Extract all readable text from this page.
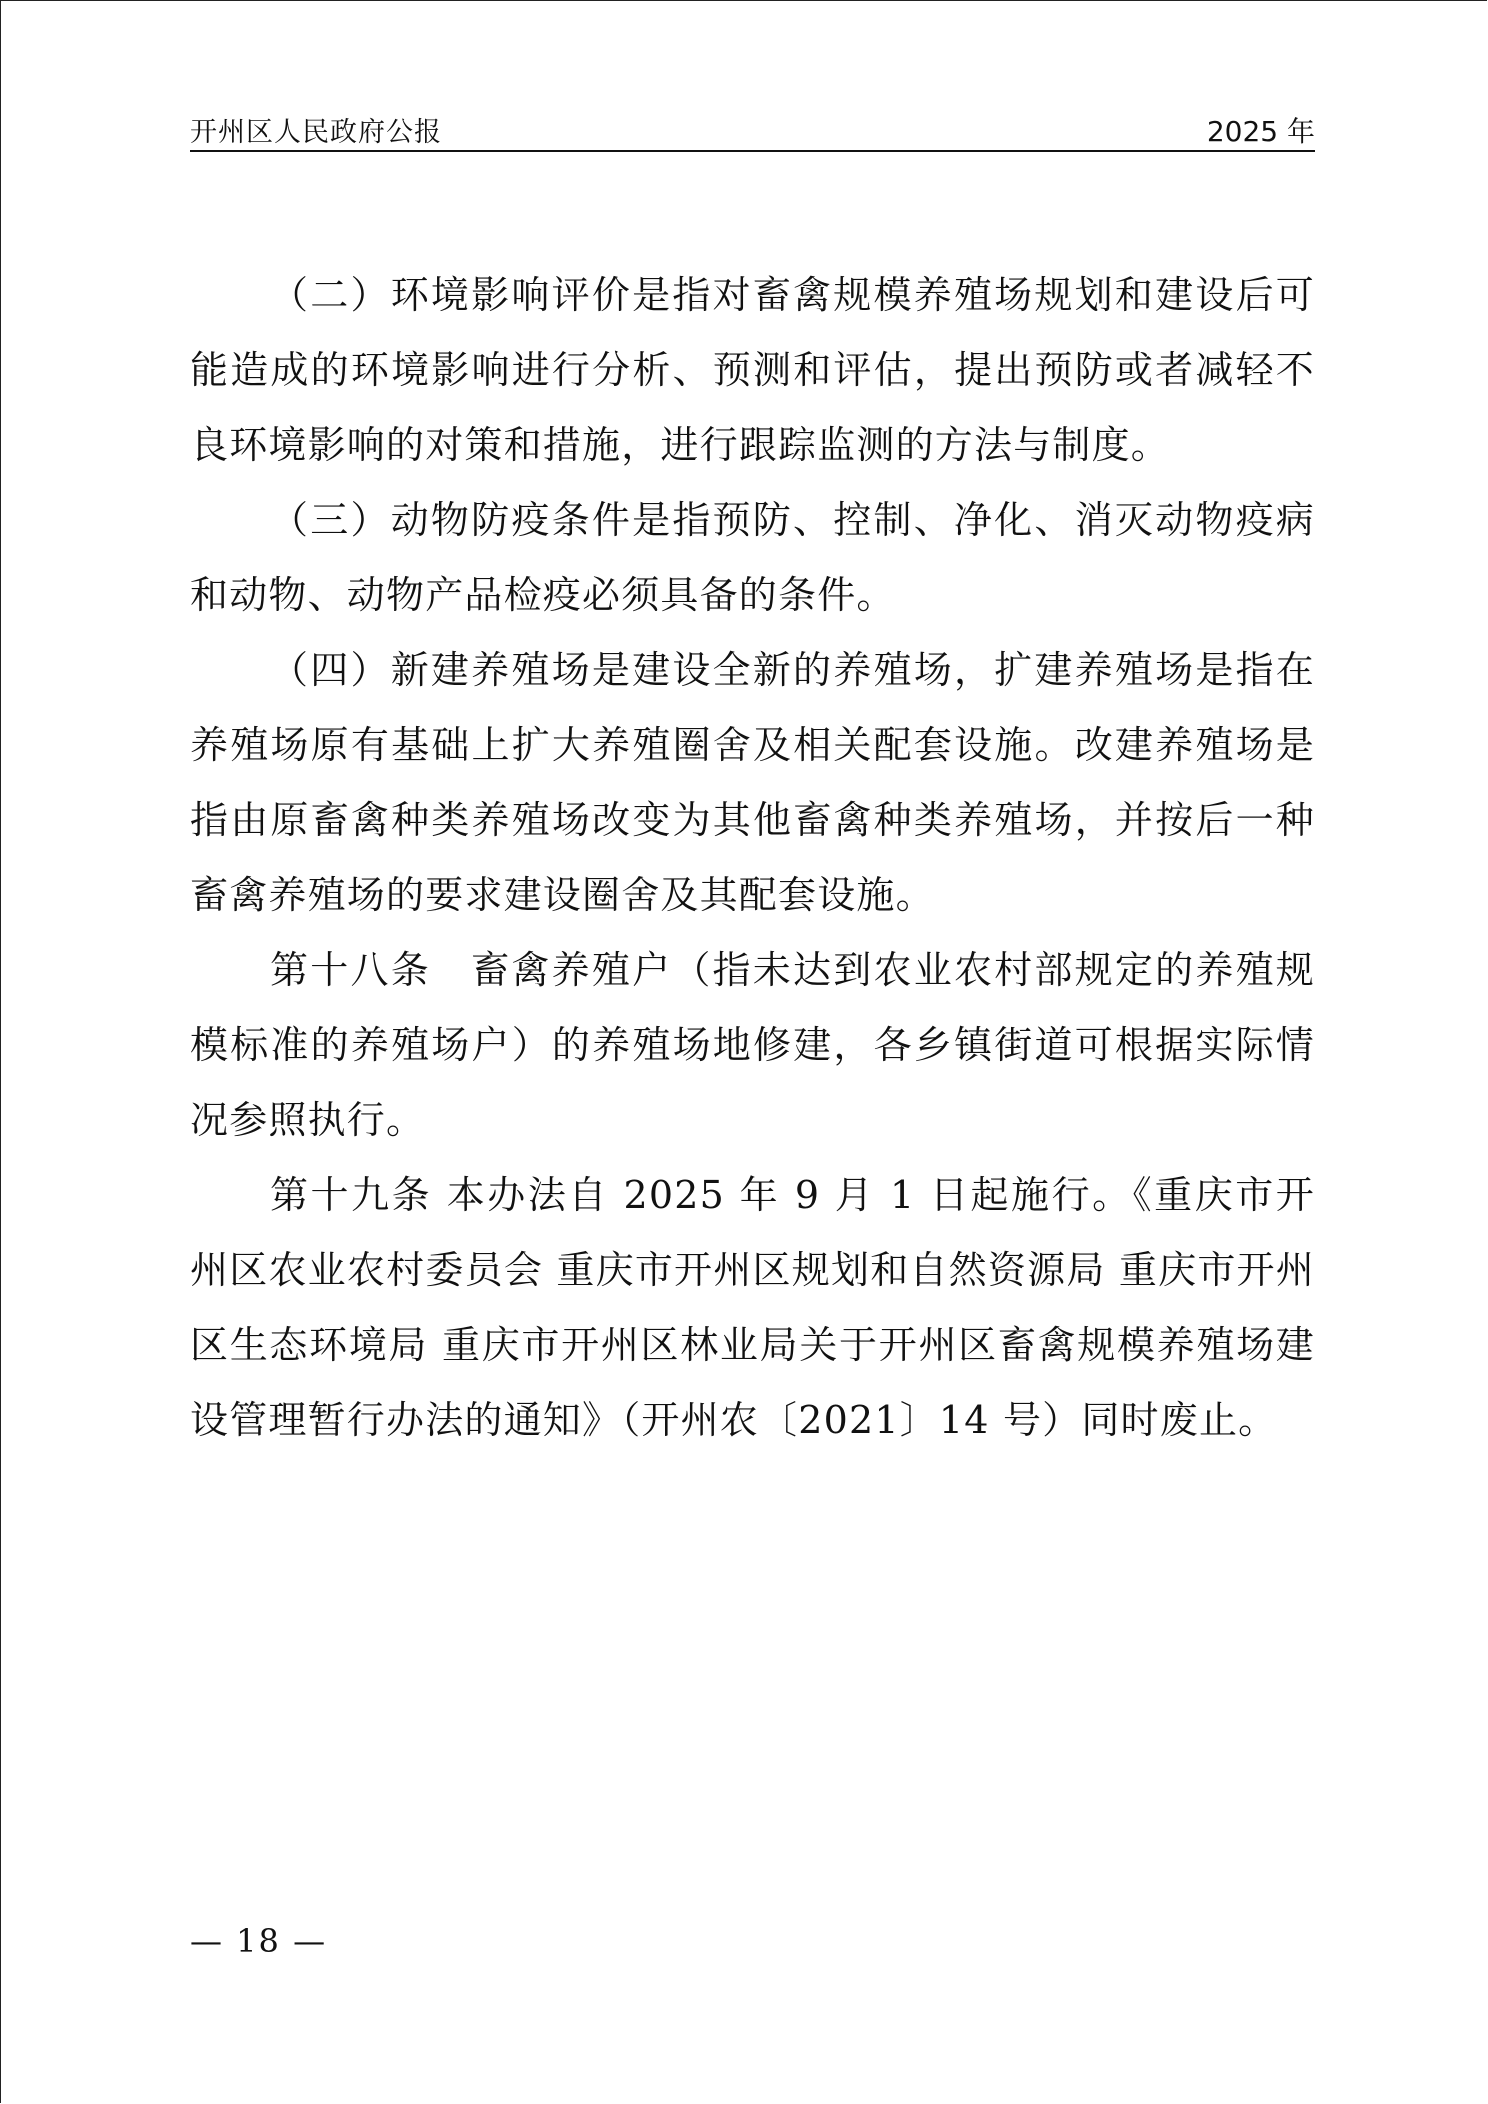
开州区人民政府公报	2025 年

（二）环境影响评价是指对畜禽规模养殖场规划和建设后可能造成的环境影响进行分析、预测和评估，提出预防或者减轻不良环境影响的对策和措施，进行跟踪监测的方法与制度。

（三）动物防疫条件是指预防、控制、净化、消灭动物疫病和动物、动物产品检疫必须具备的条件。

（四）新建养殖场是建设全新的养殖场，扩建养殖场是指在养殖场原有基础上扩大养殖圈舍及相关配套设施。改建养殖场是指由原畜禽种类养殖场改变为其他畜禽种类养殖场，并按后一种畜禽养殖场的要求建设圈舍及其配套设施。

第十八条　畜禽养殖户（指未达到农业农村部规定的养殖规模标准的养殖场户）的养殖场地修建，各乡镇街道可根据实际情况参照执行。

第十九条 本办法自 2025 年 9 月 1 日起施行。《重庆市开州区农业农村委员会 重庆市开州区规划和自然资源局 重庆市开州区生态环境局 重庆市开州区林业局关于开州区畜禽规模养殖场建设管理暂行办法的通知》（开州农〔2021〕14 号）同时废止。

— 18 —
